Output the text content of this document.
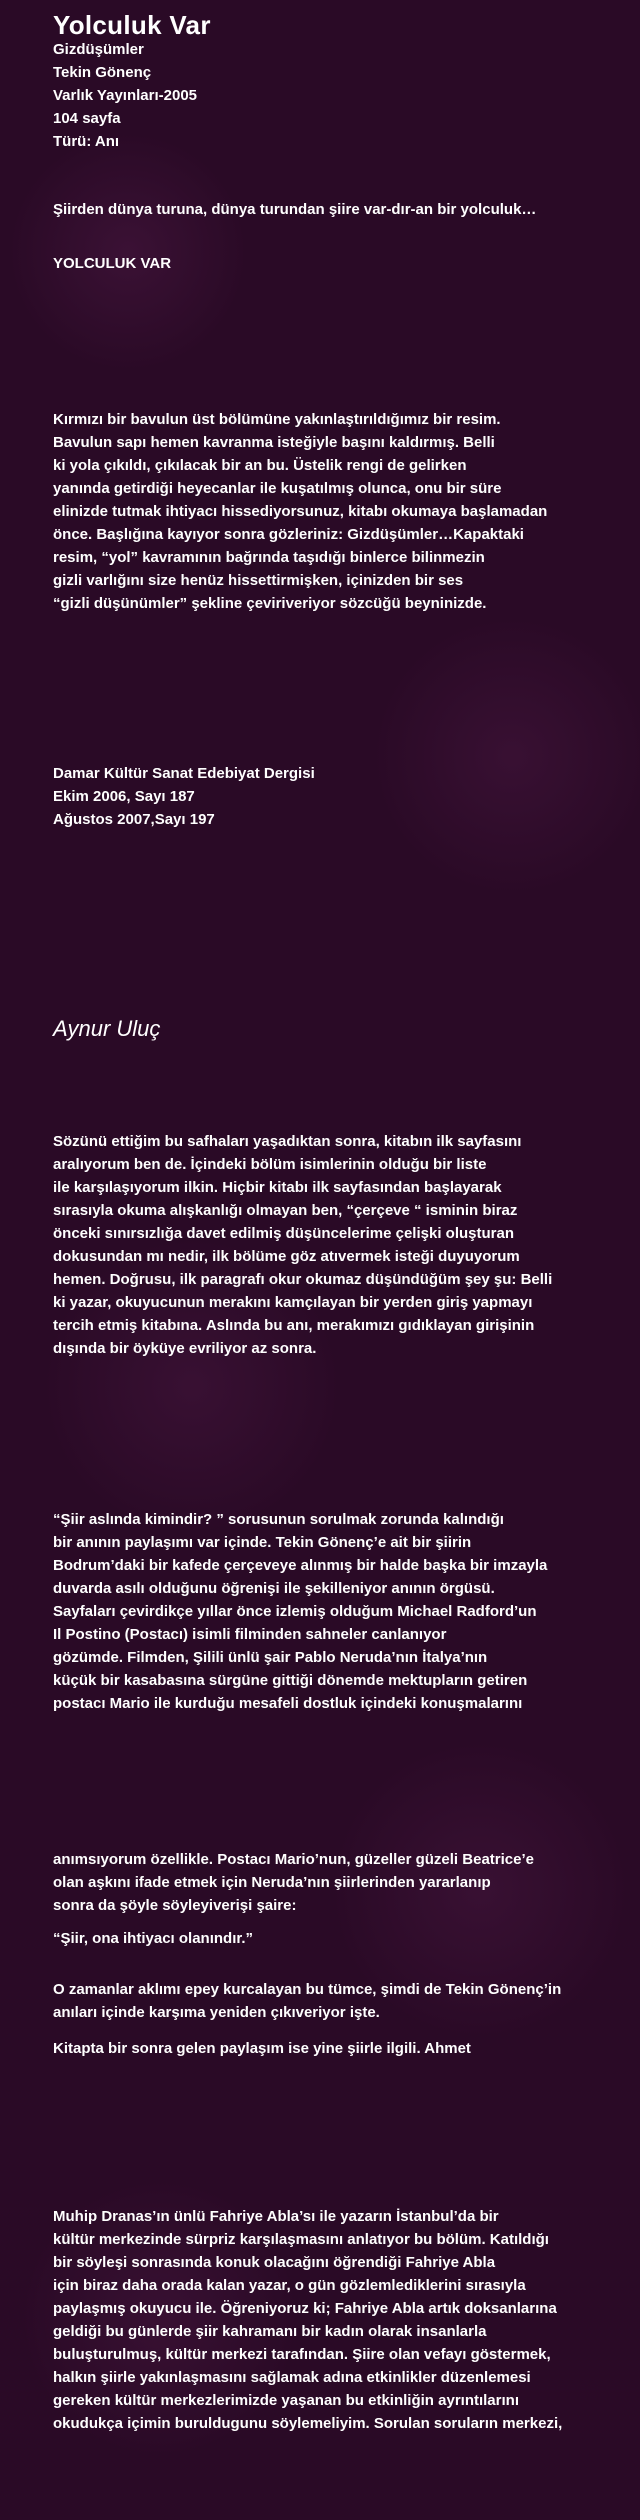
Yolculuk Var
Gizdüşümler
Tekin Gönenç
Varlık Yayınları-2005
104 sayfa
Türü: Anı
Şiirden dünya turuna, dünya turundan şiire var-dır-an bir yolculuk…
YOLCULUK VAR
Kırmızı bir bavulun üst bölümüne yakınlaştırıldığımız bir resim.
Bavulun sapı hemen kavranma isteğiyle başını kaldırmış. Belli
ki yola çıkıldı, çıkılacak bir an bu. Üstelik rengi de gelirken
yanında getirdiği heyecanlar ile kuşatılmış olunca, onu bir süre
elinizde tutmak ihtiyacı hissediyorsunuz, kitabı okumaya başlamadan
önce. Başlığına kayıyor sonra gözleriniz: Gizdüşümler…Kapaktaki
resim, “yol” kavramının bağrında taşıdığı binlerce bilinmezin
gizli varlığını size henüz hissettirmişken, içinizden bir ses
“gizli düşünümler” şekline çeviriveriyor sözcüğü beyninizde.
Damar Kültür Sanat Edebiyat Dergisi
Ekim 2006, Sayı 187
Ağustos 2007,Sayı 197
Aynur Uluç
Sözünü ettiğim bu safhaları yaşadıktan sonra, kitabın ilk sayfasını
aralıyorum ben de. İçindeki bölüm isimlerinin olduğu bir liste
ile karşılaşıyorum ilkin. Hiçbir kitabı ilk sayfasından başlayarak
sırasıyla okuma alışkanlığı olmayan ben, “çerçeve “ isminin biraz
önceki sınırsızlığa davet edilmiş düşüncelerime çelişki oluşturan
dokusundan mı nedir, ilk bölüme göz atıvermek isteği duyuyorum
hemen. Doğrusu, ilk paragrafı okur okumaz düşündüğüm şey şu: Belli
ki yazar, okuyucunun merakını kamçılayan bir yerden giriş yapmayı
tercih etmiş kitabına. Aslında bu anı, merakımızı gıdıklayan girişinin
dışında bir öyküye evriliyor az sonra.
“Şiir aslında kimindir? ” sorusunun sorulmak zorunda kalındığı
bir anının paylaşımı var içinde. Tekin Gönenç’e ait bir şiirin
Bodrum’daki bir kafede çerçeveye alınmış bir halde başka bir imzayla
duvarda asılı olduğunu öğrenişi ile şekilleniyor anının örgüsü.
Sayfaları çevirdikçe yıllar önce izlemiş olduğum Michael Radford’un
Il Postino (Postacı) isimli filminden sahneler canlanıyor
gözümde. Filmden, Şilili ünlü şair Pablo Neruda’nın İtalya’nın
küçük bir kasabasına sürgüne gittiği dönemde mektupların getiren
postacı Mario ile kurduğu mesafeli dostluk içindeki konuşmalarını
anımsıyorum özellikle. Postacı Mario’nun, güzeller güzeli Beatrice’e
olan aşkını ifade etmek için Neruda’nın şiirlerinden yararlanıp
sonra da şöyle söyleyiverişi şaire:
“Şiir, ona ihtiyacı olanındır.”
O zamanlar aklımı epey kurcalayan bu tümce, şimdi de Tekin Gönenç’in
anıları içinde karşıma yeniden çıkıveriyor işte.
Kitapta bir sonra gelen paylaşım ise yine şiirle ilgili. Ahmet
Muhip Dranas’ın ünlü Fahriye Abla’sı ile yazarın İstanbul’da bir
kültür merkezinde sürpriz karşılaşmasını anlatıyor bu bölüm. Katıldığı
bir söyleşi sonrasında konuk olacağını öğrendiği Fahriye Abla
için biraz daha orada kalan yazar, o gün gözlemlediklerini sırasıyla
paylaşmış okuyucu ile. Öğreniyoruz ki; Fahriye Abla artık doksanlarına
geldiği bu günlerde şiir kahramanı bir kadın olarak insanlarla
buluşturulmuş, kültür merkezi tarafından. Şiire olan vefayı göstermek,
halkın şiirle yakınlaşmasını sağlamak adına etkinlikler düzenlemesi
gereken kültür merkezlerimizde yaşanan bu etkinliğin ayrıntılarını
okudukça içimin buruldugunu söylemeliyim. Sorulan soruların merkezi,
